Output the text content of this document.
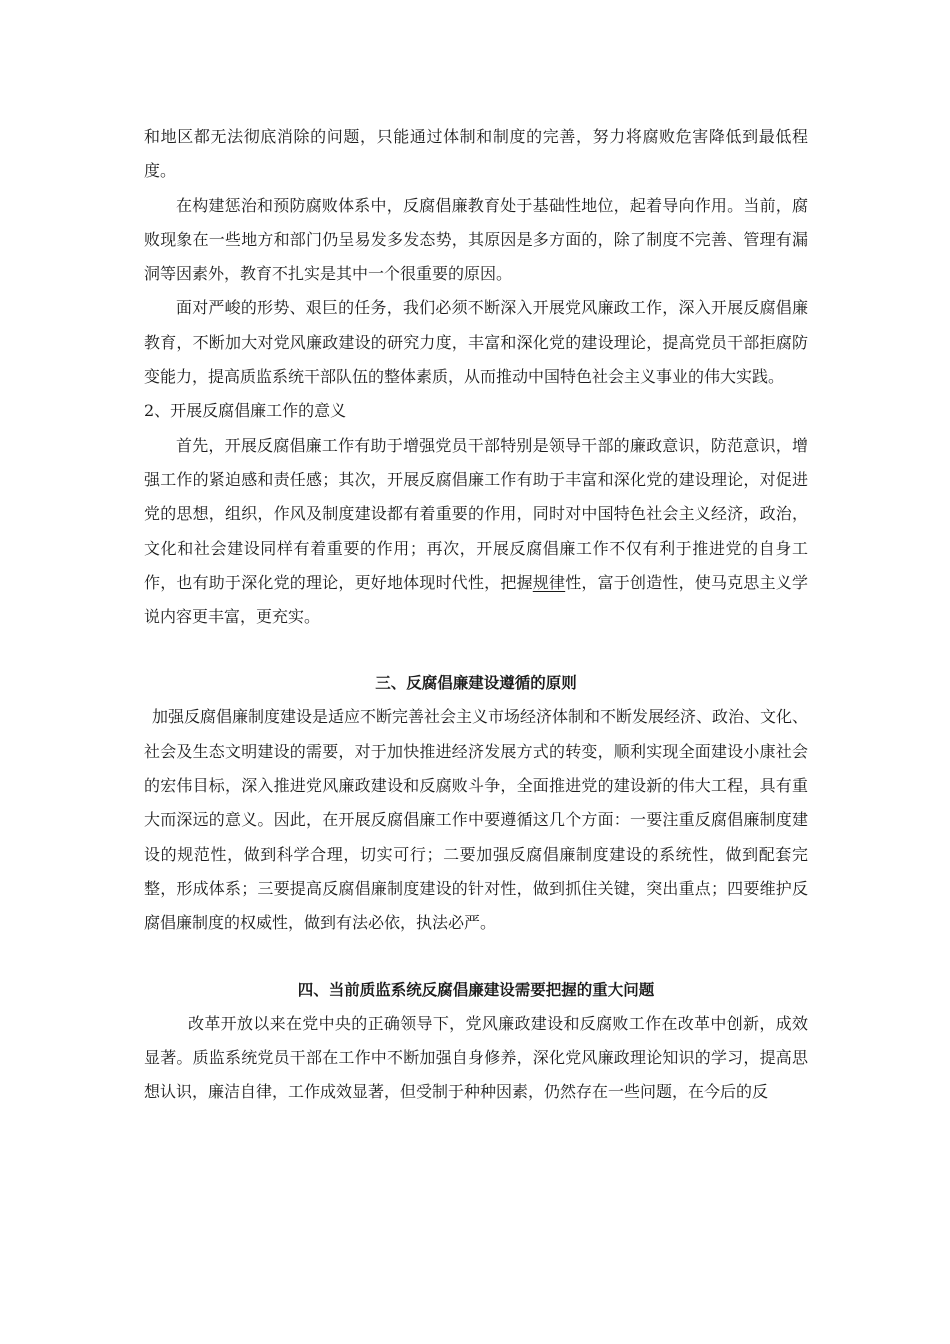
和地区都无法彻底消除的问题，只能通过体制和制度的完善，努力将腐败危害降低到最低程度。

在构建惩治和预防腐败体系中，反腐倡廉教育处于基础性地位，起着导向作用。当前，腐败现象在一些地方和部门仍呈易发多发态势，其原因是多方面的，除了制度不完善、管理有漏洞等因素外，教育不扎实是其中一个很重要的原因。

面对严峻的形势、艰巨的任务，我们必须不断深入开展党风廉政工作，深入开展反腐倡廉教育，不断加大对党风廉政建设的研究力度，丰富和深化党的建设理论，提高党员干部拒腐防变能力，提高质监系统干部队伍的整体素质，从而推动中国特色社会主义事业的伟大实践。

2、开展反腐倡廉工作的意义

首先，开展反腐倡廉工作有助于增强党员干部特别是领导干部的廉政意识，防范意识，增强工作的紧迫感和责任感；其次，开展反腐倡廉工作有助于丰富和深化党的建设理论，对促进党的思想，组织，作风及制度建设都有着重要的作用，同时对中国特色社会主义经济，政治，文化和社会建设同样有着重要的作用；再次，开展反腐倡廉工作不仅有利于推进党的自身工作，也有助于深化党的理论，更好地体现时代性，把握规律性，富于创造性，使马克思主义学说内容更丰富，更充实。

三、反腐倡廉建设遵循的原则

加强反腐倡廉制度建设是适应不断完善社会主义市场经济体制和不断发展经济、政治、文化、社会及生态文明建设的需要，对于加快推进经济发展方式的转变，顺利实现全面建设小康社会的宏伟目标，深入推进党风廉政建设和反腐败斗争，全面推进党的建设新的伟大工程，具有重大而深远的意义。因此，在开展反腐倡廉工作中要遵循这几个方面：一要注重反腐倡廉制度建设的规范性，做到科学合理，切实可行；二要加强反腐倡廉制度建设的系统性，做到配套完整，形成体系；三要提高反腐倡廉制度建设的针对性，做到抓住关键，突出重点；四要维护反腐倡廉制度的权威性，做到有法必依，执法必严。

四、当前质监系统反腐倡廉建设需要把握的重大问题

改革开放以来在党中央的正确领导下，党风廉政建设和反腐败工作在改革中创新，成效显著。质监系统党员干部在工作中不断加强自身修养，深化党风廉政理论知识的学习，提高思想认识，廉洁自律，工作成效显著，但受制于种种因素，仍然存在一些问题，在今后的反
